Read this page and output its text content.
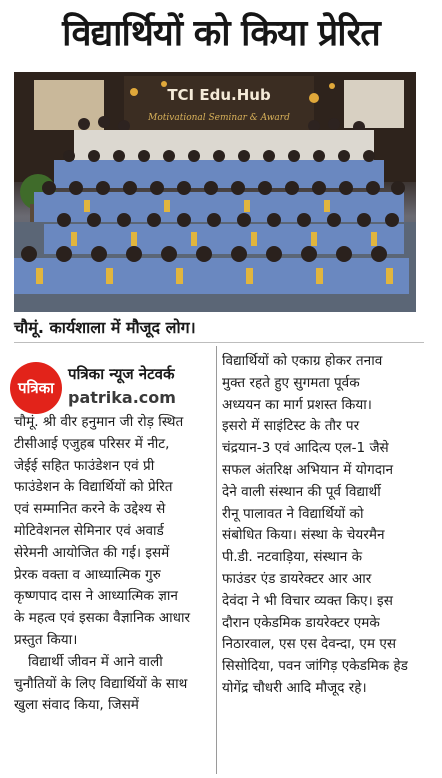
विद्यार्थियों को किया प्रेरित
TCI Edu.Hub
Motivational Seminar & Award
चौमूं. कार्यशाला में मौजूद लोग।
पत्रिका
पत्रिका न्यूज नेटवर्क
patrika.com
चौमूं. श्री वीर हनुमान जी रोड़ स्थित
टीसीआई एजुहब परिसर में नीट,
जेईई सहित फाउंडेशन एवं प्री
फाउंडेशन के विद्यार्थियों को प्रेरित
एवं सम्मानित करने के उद्देश्य से
मोटिवेशनल सेमिनार एवं अवार्ड
सेरेमनी आयोजित की गई। इसमें
प्रेरक वक्ता व आध्यात्मिक गुरु
कृष्णपाद दास ने आध्यात्मिक ज्ञान
के महत्व एवं इसका वैज्ञानिक आधार
प्रस्तुत किया।
विद्यार्थी जीवन में आने वाली
चुनौतियों के लिए विद्यार्थियों के साथ
खुला संवाद किया, जिसमें
विद्यार्थियों को एकाग्र होकर तनाव
मुक्त रहते हुए सुगमता पूर्वक
अध्ययन का मार्ग प्रशस्त किया।
इसरो में साइंटिस्ट के तौर पर
चंद्रयान-3 एवं आदित्य एल-1 जैसे
सफल अंतरिक्ष अभियान में योगदान
देने वाली संस्थान की पूर्व विद्यार्थी
रीनू पालावत ने विद्यार्थियों को
संबोधित किया। संस्था के चेयरमैन
पी.डी. नटवाड़िया, संस्थान के
फाउंडर एंड डायरेक्टर आर आर
देवंदा ने भी विचार व्यक्त किए। इस
दौरान एकेडमिक डायरेक्टर एमके
निठारवाल, एस एस देवन्दा, एम एस
सिसोदिया, पवन जांगिड़ एकेडमिक हेड
योगेंद्र चौधरी आदि मौजूद रहे।
